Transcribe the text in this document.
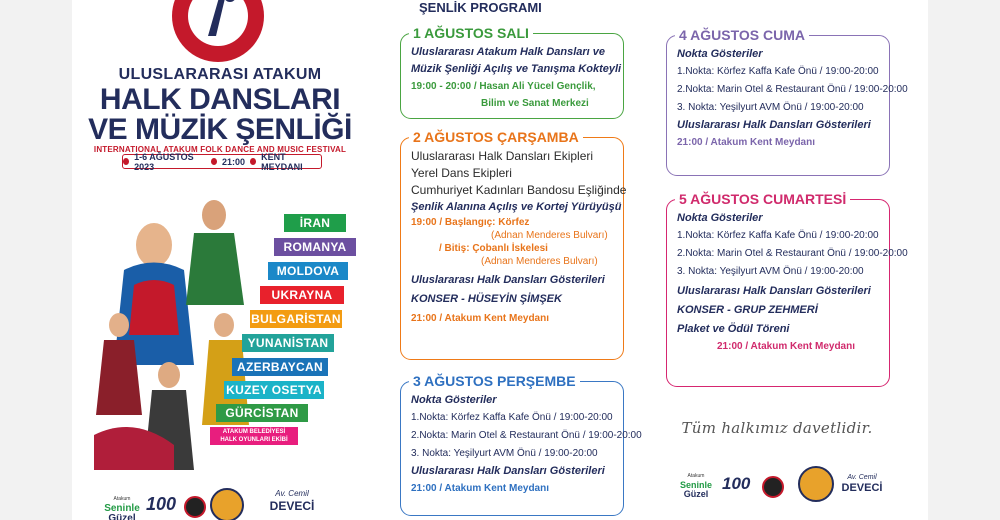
ULUSLARARASI ATAKUM
HALK DANSLARI
VE MÜZİK ŞENLİĞİ
INTERNATIONAL ATAKUM FOLK DANCE AND MUSIC FESTIVAL
1-6 AĞUSTOS 2023	21:00 KENT MEYDANI
İRAN
ROMANYA
MOLDOVA
UKRAYNA
BULGARİSTAN
YUNANİSTAN
AZERBAYCAN
KUZEY OSETYA
GÜRCİSTAN
ATAKUM BELEDİYESİ
HALK OYUNLARI EKİBİ
Atakum
Seninle
Güzel
100
Av. Cemil
DEVECİ
ŞENLİK PROGRAMI
1 AĞUSTOS SALI
Uluslararası Atakum Halk Dansları ve
Müzik Şenliği Açılış ve Tanışma Kokteyli
19:00 - 20:00 / Hasan Ali Yücel Gençlik,
Bilim ve Sanat Merkezi
2 AĞUSTOS ÇARŞAMBA
Uluslararası Halk Dansları Ekipleri
Yerel Dans Ekipleri
Cumhuriyet Kadınları Bandosu Eşliğinde
Şenlik Alanına Açılış ve Kortej Yürüyüşü
19:00 / Başlangıç: Körfez
(Adnan Menderes Bulvarı)
/ Bitiş: Çobanlı İskelesi
(Adnan Menderes Bulvarı)
Uluslararası Halk Dansları Gösterileri
KONSER - HÜSEYİN ŞİMŞEK
21:00 / Atakum Kent Meydanı
3 AĞUSTOS PERŞEMBE
Nokta Gösteriler
1.Nokta: Körfez Kaffa Kafe Önü / 19:00-20:00
2.Nokta: Marin Otel & Restaurant Önü / 19:00-20:00
3. Nokta: Yeşilyurt AVM Önü / 19:00-20:00
Uluslararası Halk Dansları Gösterileri
21:00 / Atakum Kent Meydanı
4 AĞUSTOS CUMA
Nokta Gösteriler
1.Nokta: Körfez Kaffa Kafe Önü / 19:00-20:00
2.Nokta: Marin Otel & Restaurant Önü / 19:00-20:00
3. Nokta: Yeşilyurt AVM Önü / 19:00-20:00
Uluslararası Halk Dansları Gösterileri
21:00 / Atakum Kent Meydanı
5 AĞUSTOS CUMARTESİ
Nokta Gösteriler
1.Nokta: Körfez Kaffa Kafe Önü / 19:00-20:00
2.Nokta: Marin Otel & Restaurant Önü / 19:00-20:00
3. Nokta: Yeşilyurt AVM Önü / 19:00-20:00
Uluslararası Halk Dansları Gösterileri
KONSER - GRUP ZEHMERİ
Plaket ve Ödül Töreni
21:00 / Atakum Kent Meydanı
Tüm halkımız davetlidir.
Atakum
Seninle
Güzel
100	Av. Cemil
DEVECİ
